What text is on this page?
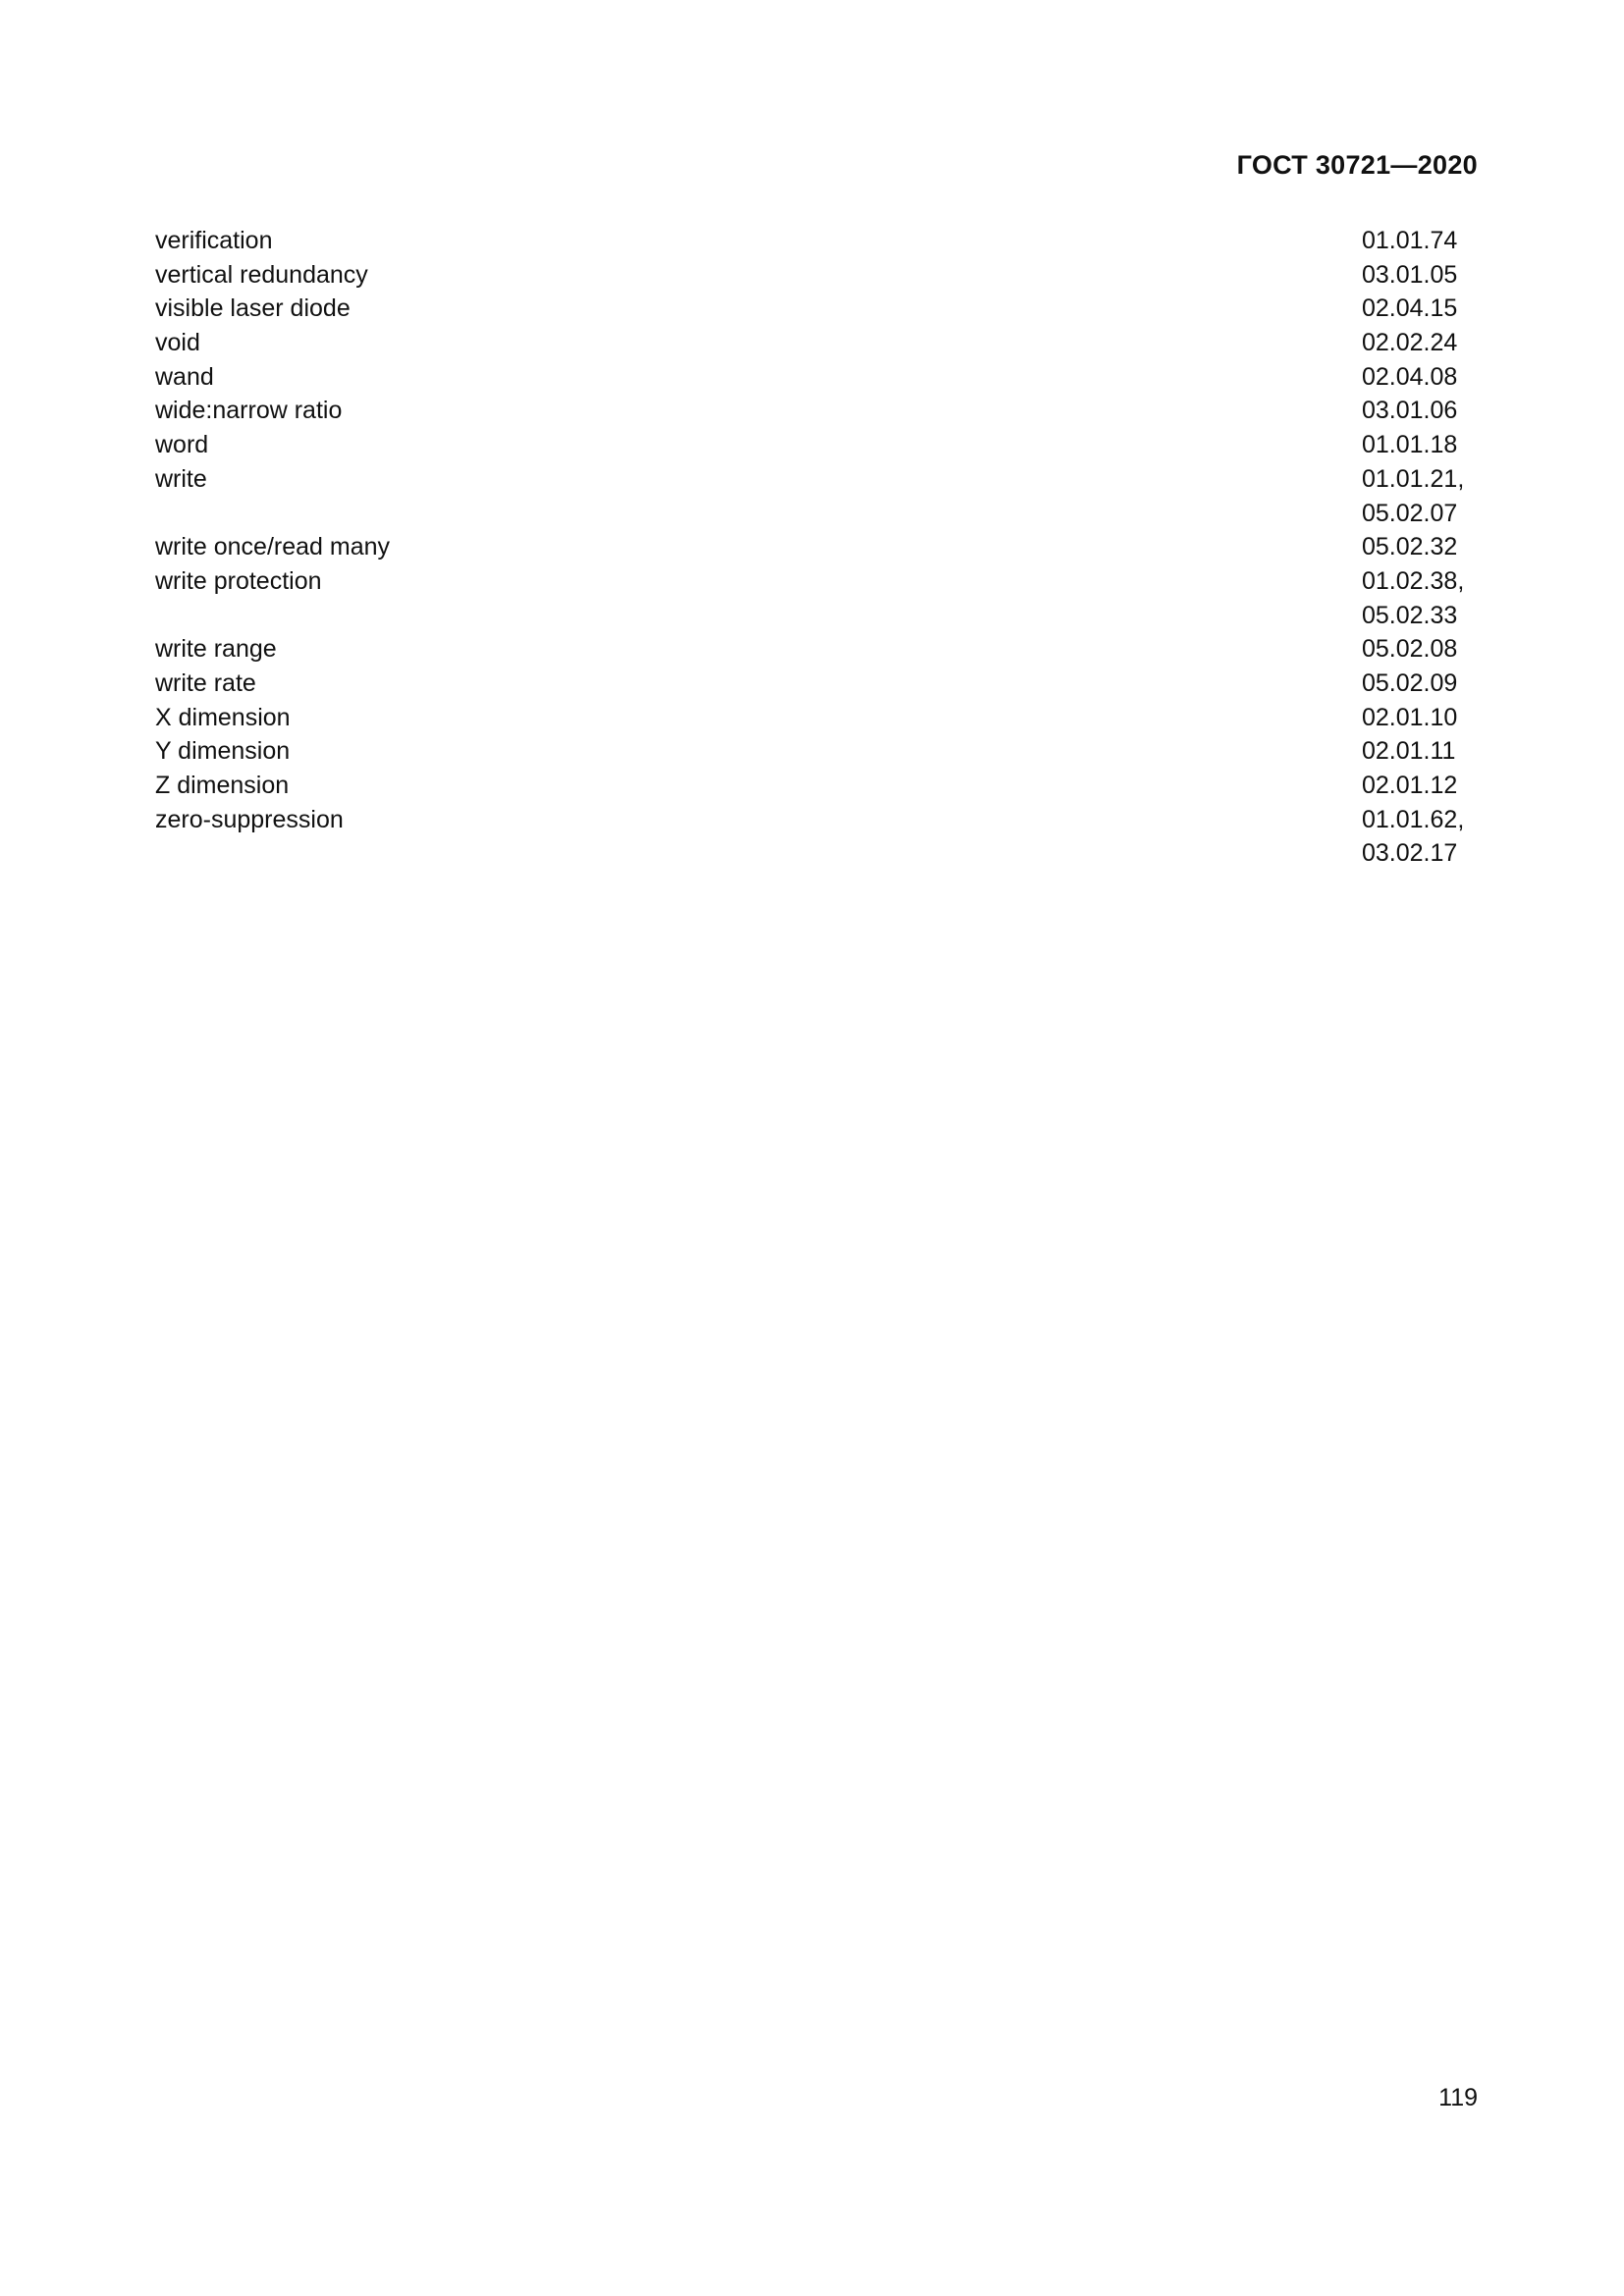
ГОСТ 30721—2020
verification	01.01.74
vertical redundancy	03.01.05
visible laser diode	02.04.15
void	02.02.24
wand	02.04.08
wide:narrow ratio	03.01.06
word	01.01.18
write	01.01.21,
05.02.07
write once/read many	05.02.32
write protection	01.02.38,
05.02.33
write range	05.02.08
write rate	05.02.09
X dimension	02.01.10
Y dimension	02.01.11
Z dimension	02.01.12
zero-suppression	01.01.62,
03.02.17
119
